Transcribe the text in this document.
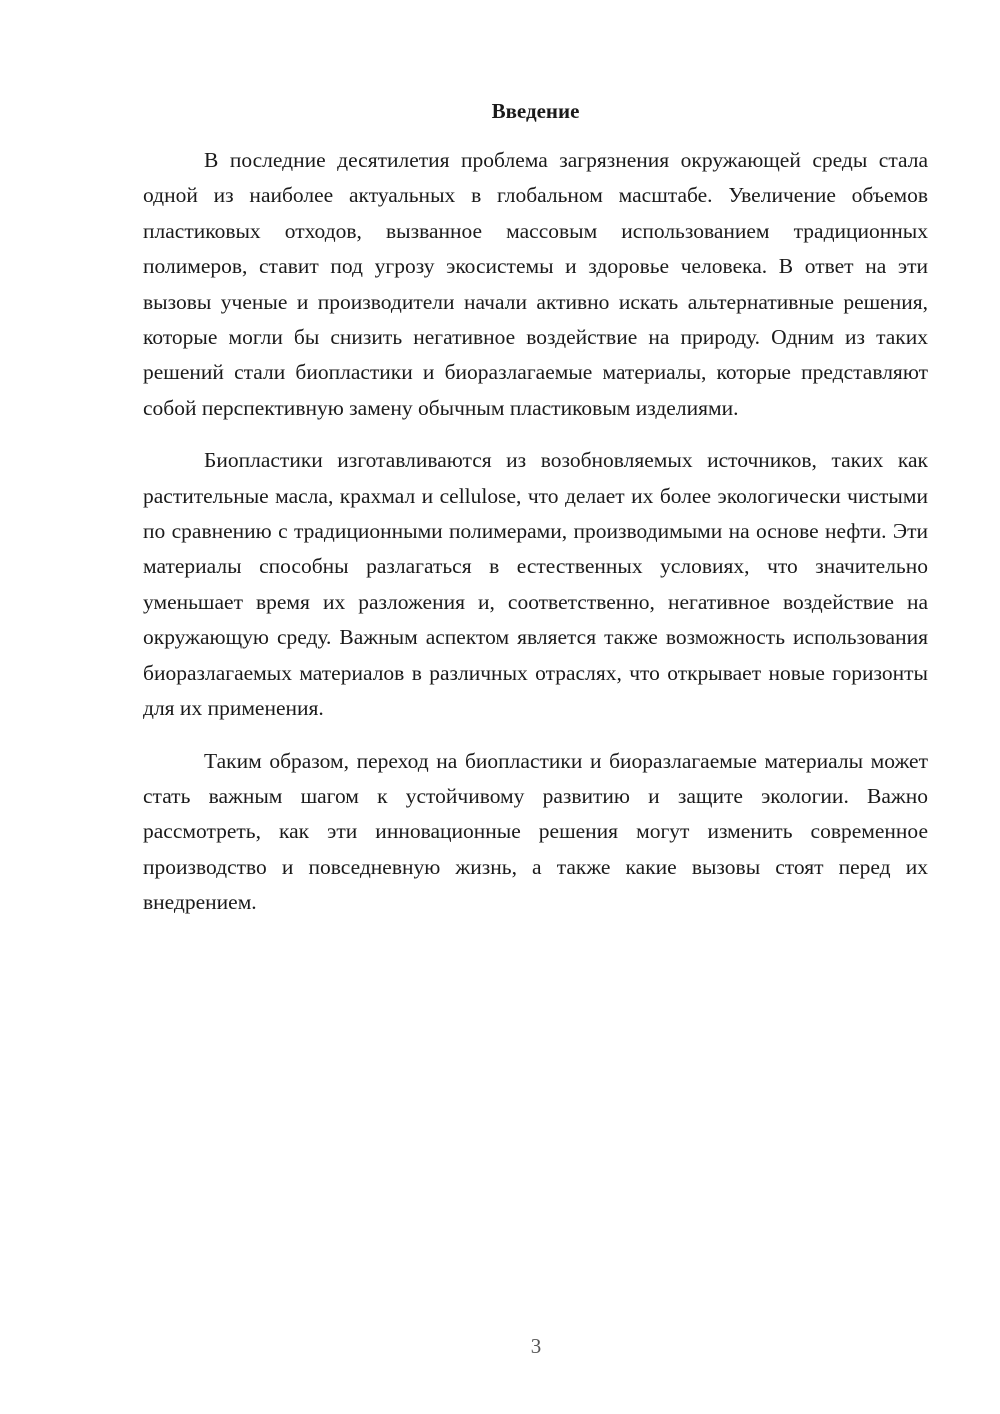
Введение

В последние десятилетия проблема загрязнения окружающей среды стала одной из наиболее актуальных в глобальном масштабе. Увеличение объемов пластиковых отходов, вызванное массовым использованием традиционных полимеров, ставит под угрозу экосистемы и здоровье человека. В ответ на эти вызовы ученые и производители начали активно искать альтернативные решения, которые могли бы снизить негативное воздействие на природу. Одним из таких решений стали биопластики и биоразлагаемые материалы, которые представляют собой перспективную замену обычным пластиковым изделиями.

Биопластики изготавливаются из возобновляемых источников, таких как растительные масла, крахмал и cellulose, что делает их более экологически чистыми по сравнению с традиционными полимерами, производимыми на основе нефти. Эти материалы способны разлагаться в естественных условиях, что значительно уменьшает время их разложения и, соответственно, негативное воздействие на окружающую среду. Важным аспектом является также возможность использования биоразлагаемых материалов в различных отраслях, что открывает новые горизонты для их применения.

Таким образом, переход на биопластики и биоразлагаемые материалы может стать важным шагом к устойчивому развитию и защите экологии. Важно рассмотреть, как эти инновационные решения могут изменить современное производство и повседневную жизнь, а также какие вызовы стоят перед их внедрением.

3
